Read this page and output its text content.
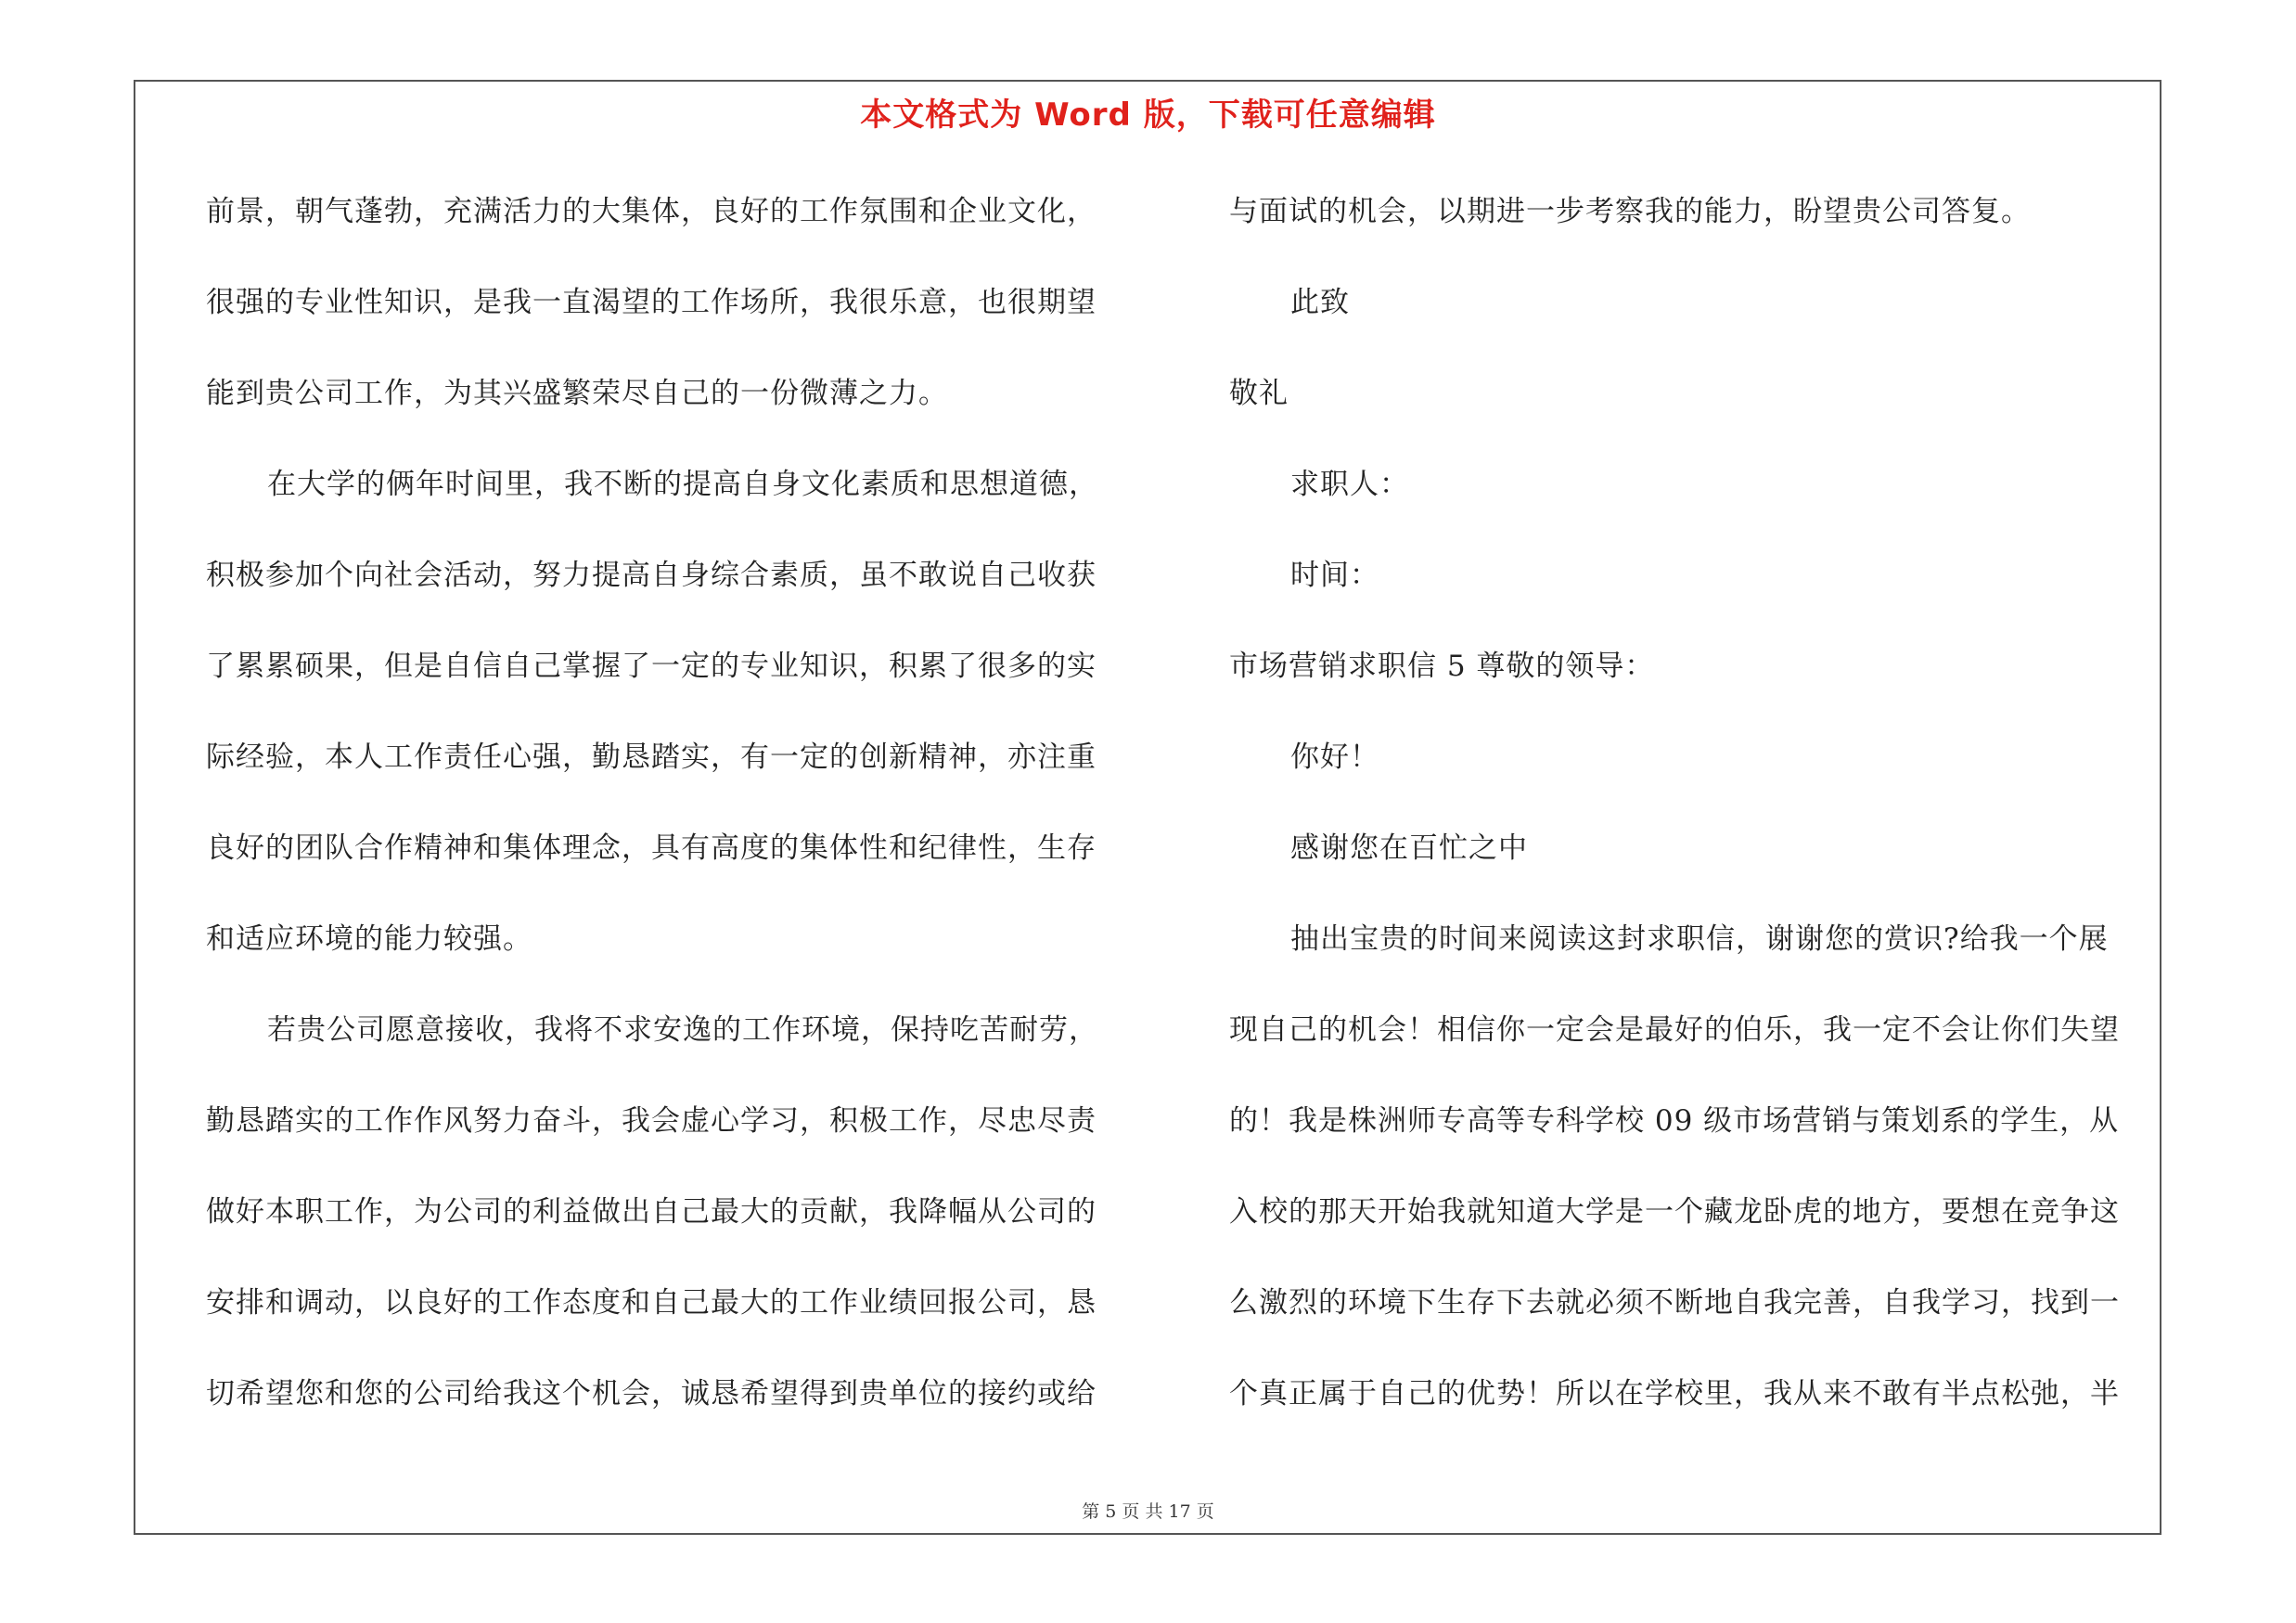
本文格式为 Word 版，下载可任意编辑
前景，朝气蓬勃，充满活力的大集体，良好的工作氛围和企业文化，
很强的专业性知识，是我一直渴望的工作场所，我很乐意，也很期望
能到贵公司工作，为其兴盛繁荣尽自己的一份微薄之力。
在大学的俩年时间里，我不断的提高自身文化素质和思想道德，
积极参加个向社会活动，努力提高自身综合素质，虽不敢说自己收获
了累累硕果，但是自信自己掌握了一定的专业知识，积累了很多的实
际经验，本人工作责任心强，勤恳踏实，有一定的创新精神，亦注重
良好的团队合作精神和集体理念，具有高度的集体性和纪律性，生存
和适应环境的能力较强。
若贵公司愿意接收，我将不求安逸的工作环境，保持吃苦耐劳，
勤恳踏实的工作作风努力奋斗，我会虚心学习，积极工作，尽忠尽责
做好本职工作，为公司的利益做出自己最大的贡献，我降幅从公司的
安排和调动，以良好的工作态度和自己最大的工作业绩回报公司，恳
切希望您和您的公司给我这个机会，诚恳希望得到贵单位的接约或给
与面试的机会，以期进一步考察我的能力，盼望贵公司答复。
此致
敬礼
求职人：
时间：
市场营销求职信 5 尊敬的领导：
你好！
感谢您在百忙之中
抽出宝贵的时间来阅读这封求职信，谢谢您的赏识?给我一个展
现自己的机会！相信你一定会是最好的伯乐，我一定不会让你们失望
的！我是株洲师专高等专科学校 09 级市场营销与策划系的学生，从
入校的那天开始我就知道大学是一个藏龙卧虎的地方，要想在竞争这
么激烈的环境下生存下去就必须不断地自我完善，自我学习，找到一
个真正属于自己的优势！所以在学校里，我从来不敢有半点松弛，半
第 5 页 共 17 页
